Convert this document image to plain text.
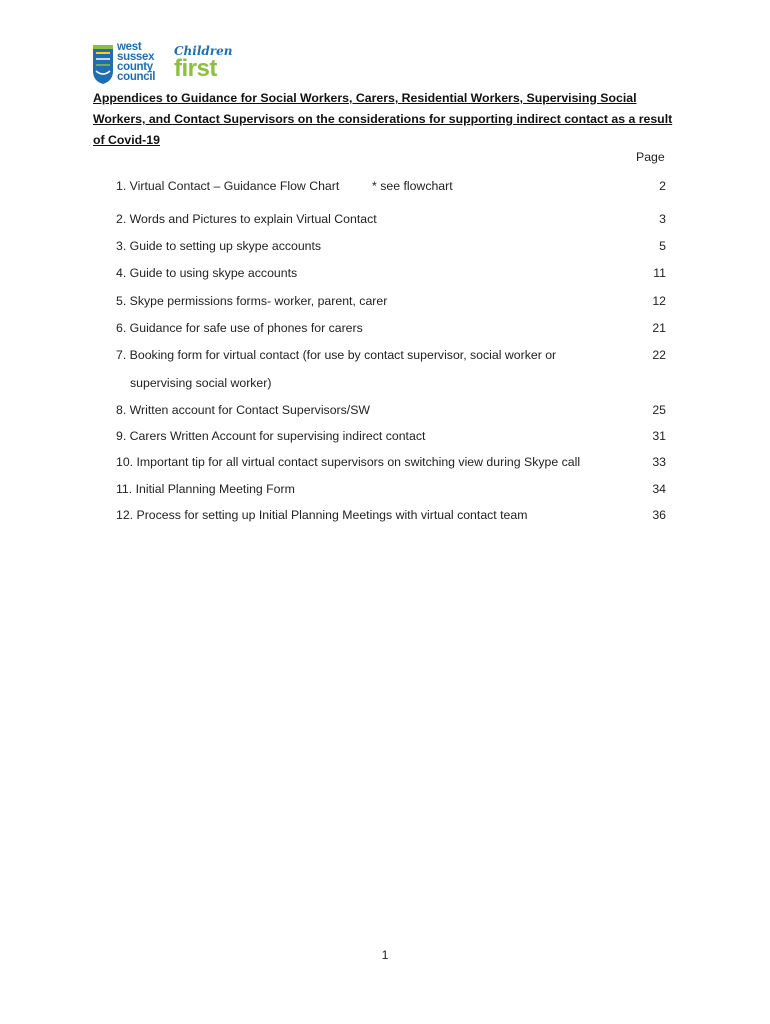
west
sussex
county
council
Children
first
Appendices to Guidance for Social Workers, Carers, Residential Workers, Supervising Social Workers, and Contact Supervisors on the considerations for supporting indirect contact as a result of Covid-19
Page
1. Virtual Contact – Guidance Flow Chart	* see flowchart	2
2. Words and Pictures to explain Virtual Contact	3
3. Guide to setting up skype accounts	5
4. Guide to using skype accounts	11
5. Skype permissions forms- worker, parent, carer	12
6. Guidance for safe use of phones for carers	21
7. Booking form for virtual contact (for use by contact supervisor, social worker or	22
supervising social worker)
8. Written account for Contact Supervisors/SW	25
9. Carers Written Account for supervising indirect contact	31
10. Important tip for all virtual contact supervisors on switching view during Skype call	33
11. Initial Planning Meeting Form	34
12. Process for setting up Initial Planning Meetings with virtual contact team	36
1
